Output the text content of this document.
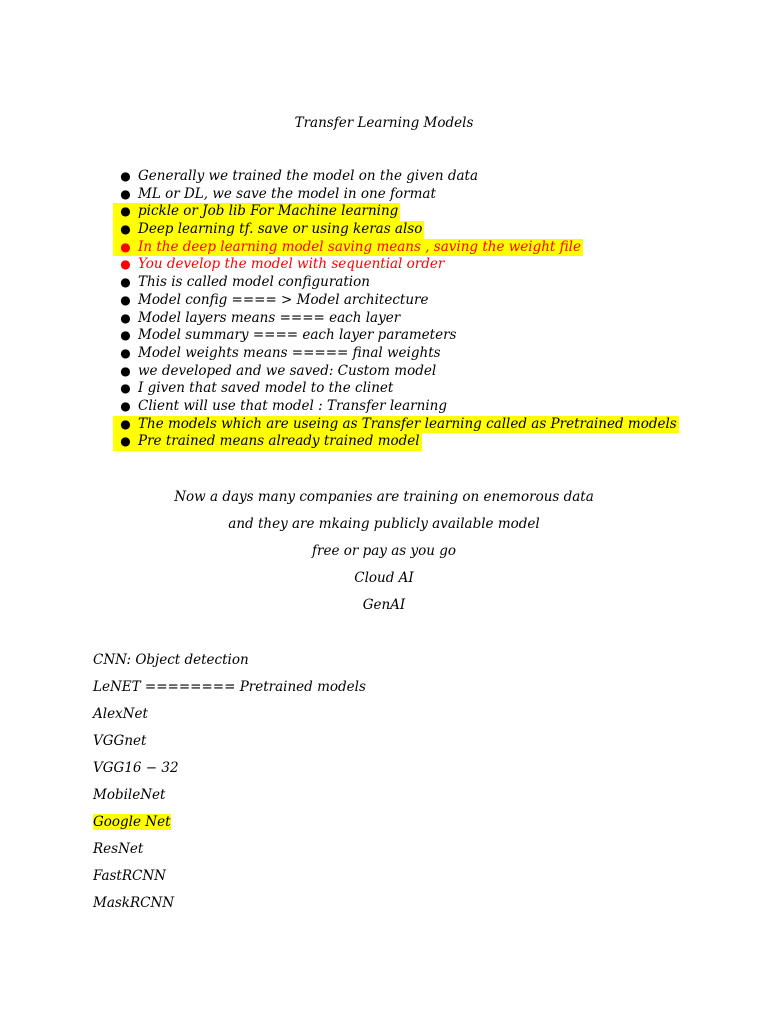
Transfer Learning Models
● Generally we trained the model on the given data
● ML or DL, we save the model in one format
● pickle or Job lib For Machine learning
● Deep learning tf. save or using keras also
● In the deep learning model saving means , saving the weight file
● You develop the model with sequential order
● This is called model configuration
● Model config ==== > Model architecture
● Model layers means ==== each layer
● Model summary ==== each layer parameters
● Model weights means ===== final weights
● we developed and we saved: Custom model
● I given that saved model to the clinet
● Client will use that model : Transfer learning
● The models which are useing as Transfer learning called as Pretrained models
● Pre trained means already trained model
Now a days many companies are training on enemorous data
and they are mkaing publicly available model
free or pay as you go
Cloud AI
GenAI
CNN: Object detection
LeNET ======== Pretrained models
AlexNet
VGGnet
VGG16 − 32
MobileNet
Google Net
ResNet
FastRCNN
MaskRCNN
